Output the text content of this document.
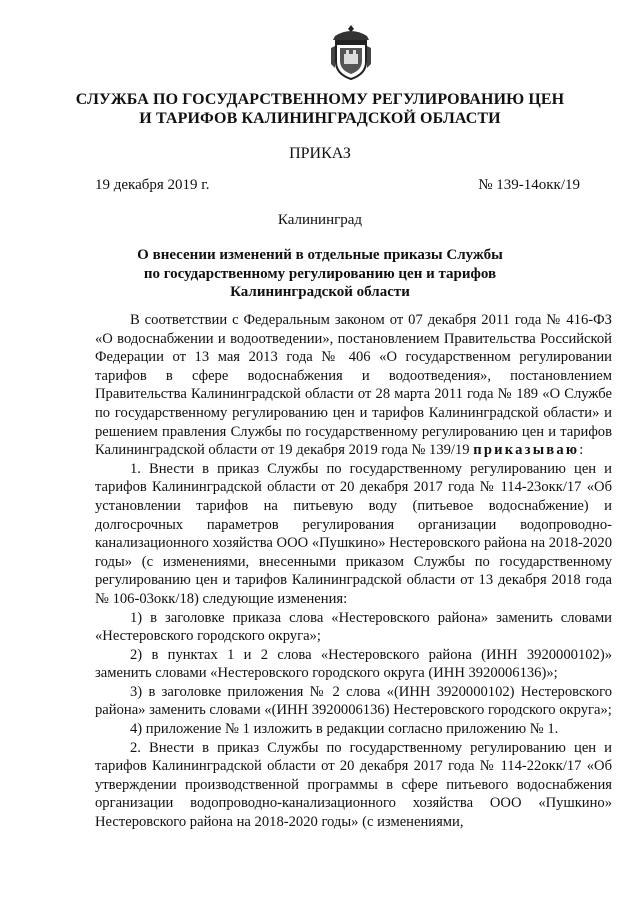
СЛУЖБА ПО ГОСУДАРСТВЕННОМУ РЕГУЛИРОВАНИЮ ЦЕН
И ТАРИФОВ КАЛИНИНГРАДСКОЙ ОБЛАСТИ
ПРИКАЗ
19 декабря 2019 г.	№ 139-14окк/19
Калининград
О внесении изменений в отдельные приказы Службы
по государственному регулированию цен и тарифов
Калининградской области

В соответствии с Федеральным законом от 07 декабря 2011 года № 416-ФЗ «О водоснабжении и водоотведении», постановлением Правительства Российской Федерации от 13 мая 2013 года № 406 «О государственном регулировании тарифов в сфере водоснабжения и водоотведения», постановлением Правительства Калининградской области от 28 марта 2011 года № 189 «О Службе по государственному регулированию цен и тарифов Калининградской области» и решением правления Службы по государственному регулированию цен и тарифов Калининградской области от 19 декабря 2019 года № 139/19 приказываю:

1. Внести в приказ Службы по государственному регулированию цен и тарифов Калининградской области от 20 декабря 2017 года № 114-23окк/17 «Об установлении тарифов на питьевую воду (питьевое водоснабжение) и долгосрочных параметров регулирования организации водопроводно-канализационного хозяйства ООО «Пушкино» Нестеровского района на 2018-2020 годы» (с изменениями, внесенными приказом Службы по государственному регулированию цен и тарифов Калининградской области от 13 декабря 2018 года № 106-03окк/18) следующие изменения:

1) в заголовке приказа слова «Нестеровского района» заменить словами «Нестеровского городского округа»;

2) в пунктах 1 и 2 слова «Нестеровского района (ИНН 3920000102)» заменить словами «Нестеровского городского округа (ИНН 3920006136)»;

3) в заголовке приложения № 2 слова «(ИНН 3920000102) Нестеровского района» заменить словами «(ИНН 3920006136) Нестеровского городского округа»;

4) приложение № 1 изложить в редакции согласно приложению № 1.

2. Внести в приказ Службы по государственному регулированию цен и тарифов Калининградской области от 20 декабря 2017 года № 114-22окк/17 «Об утверждении производственной программы в сфере питьевого водоснабжения организации водопроводно-канализационного хозяйства ООО «Пушкино» Нестеровского района на 2018-2020 годы» (с изменениями,
